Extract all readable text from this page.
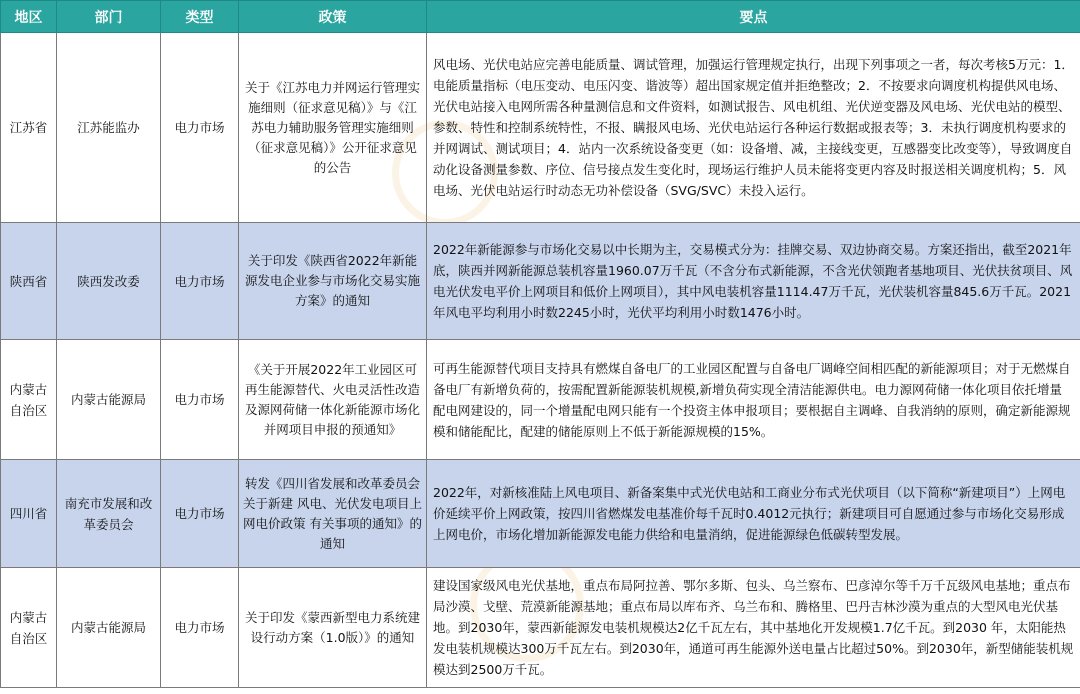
地区	部门	类型	政策	要点
江苏省	江苏能监办	电力市场	关于《江苏电力并网运行管理实施细则（征求意见稿）》与《江苏电力辅助服务管理实施细则（征求意见稿）》公开征求意见的公告	风电场、光伏电站应完善电能质量、调试管理，加强运行管理规定执行，出现下列事项之一者，每次考核5万元：1．电能质量指标（电压变动、电压闪变、谐波等）超出国家规定值并拒绝整改；2．不按要求向调度机构提供风电场、光伏电站接入电网所需各种量测信息和文件资料，如测试报告、风电机组、光伏逆变器及风电场、光伏电站的模型、参数、特性和控制系统特性，不报、瞒报风电场、光伏电站运行各种运行数据或报表等；3．未执行调度机构要求的并网调试、测试项目；4．站内一次系统设备变更（如：设备增、减，主接线变更，互感器变比改变等），导致调度自动化设备测量参数、序位、信号接点发生变化时，现场运行维护人员未能将变更内容及时报送相关调度机构；5．风电场、光伏电站运行时动态无功补偿设备（SVG/SVC）未投入运行。
陕西省	陕西发改委	电力市场	关于印发《陕西省2022年新能源发电企业参与市场化交易实施方案》的通知	2022年新能源参与市场化交易以中长期为主，交易模式分为：挂牌交易、双边协商交易。方案还指出，截至2021年底，陕西并网新能源总装机容量1960.07万千瓦（不含分布式新能源，不含光伏领跑者基地项目、光伏扶贫项目、风电光伏发电平价上网项目和低价上网项目），其中风电装机容量1114.47万千瓦，光伏装机容量845.6万千瓦。2021年风电平均利用小时数2245小时，光伏平均利用小时数1476小时。
内蒙古自治区	内蒙古能源局	电力市场	《关于开展2022年工业园区可再生能源替代、火电灵活性改造及源网荷储一体化新能源市场化并网项目申报的预通知》	可再生能源替代项目支持具有燃煤自备电厂的工业园区配置与自备电厂调峰空间相匹配的新能源项目；对于无燃煤自备电厂有新增负荷的，按需配置新能源装机规模,新增负荷实现全清洁能源供电。电力源网荷储一体化项目依托增量配电网建设的，同一个增量配电网只能有一个投资主体申报项目；要根据自主调峰、自我消纳的原则，确定新能源规模和储能配比，配建的储能原则上不低于新能源规模的15%。
四川省	南充市发展和改革委员会	电力市场	转发《四川省发展和改革委员会关于新建 风电、光伏发电项目上网电价政策 有关事项的通知》的通知	2022年，对新核准陆上风电项目、新备案集中式光伏电站和工商业分布式光伏项目（以下简称“新建项目”）上网电价延续平价上网政策，按四川省燃煤发电基准价每千瓦时0.4012元执行；新建项目可自愿通过参与市场化交易形成上网电价，市场化增加新能源发电能力供给和电量消纳，促进能源绿色低碳转型发展。
内蒙古自治区	内蒙古能源局	电力市场	关于印发《蒙西新型电力系统建设行动方案（1.0版）》的通知	建设国家级风电光伏基地，重点布局阿拉善、鄂尔多斯、包头、乌兰察布、巴彦淖尔等千万千瓦级风电基地；重点布局沙漠、戈壁、荒漠新能源基地；重点布局以库布齐、乌兰布和、腾格里、巴丹吉林沙漠为重点的大型风电光伏基地。到2030年，蒙西新能源发电装机规模达2亿千瓦左右，其中基地化开发规模1.7亿千瓦。到2030 年，太阳能热发电装机规模达300万千瓦左右。到2030年，通道可再生能源外送电量占比超过50%。到2030年，新型储能装机规模达到2500万千瓦。
